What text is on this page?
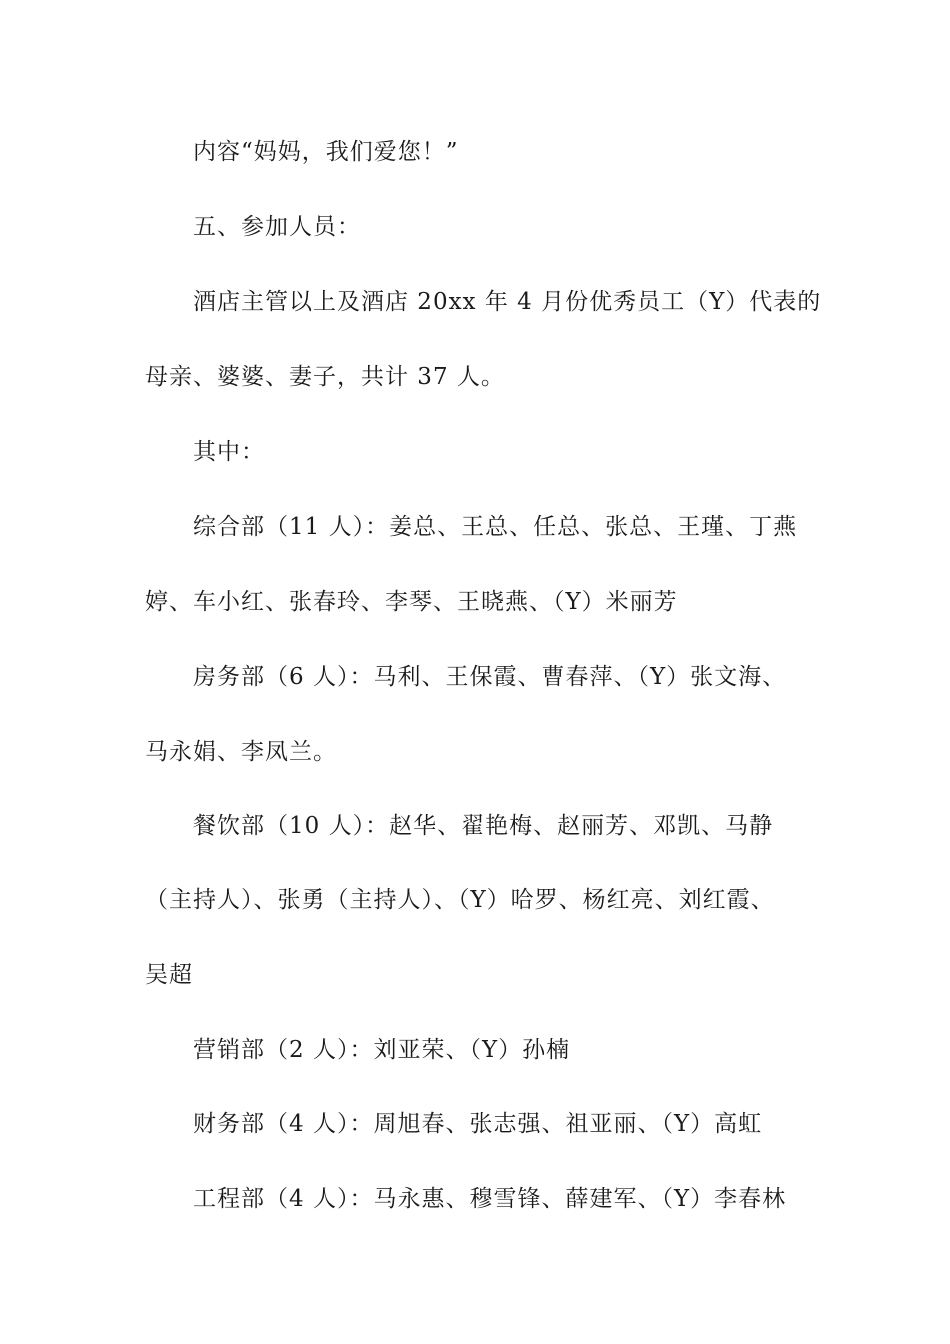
内容“妈妈，我们爱您！”
五、参加人员：
酒店主管以上及酒店 20xx 年 4 月份优秀员工（Y）代表的
母亲、婆婆、妻子，共计 37 人。
其中：
综合部（11 人）：姜总、王总、任总、张总、王瑾、丁燕
婷、车小红、张春玲、李琴、王晓燕、（Y）米丽芳
房务部（6 人）：马利、王保霞、曹春萍、（Y）张文海、
马永娟、李凤兰。
餐饮部（10 人）：赵华、翟艳梅、赵丽芳、邓凯、马静
（主持人）、张勇（主持人）、（Y）哈罗、杨红亮、刘红霞、
吴超
营销部（2 人）：刘亚荣、（Y）孙楠
财务部（4 人）：周旭春、张志强、祖亚丽、（Y）高虹
工程部（4 人）：马永惠、穆雪锋、薛建军、（Y）李春林
